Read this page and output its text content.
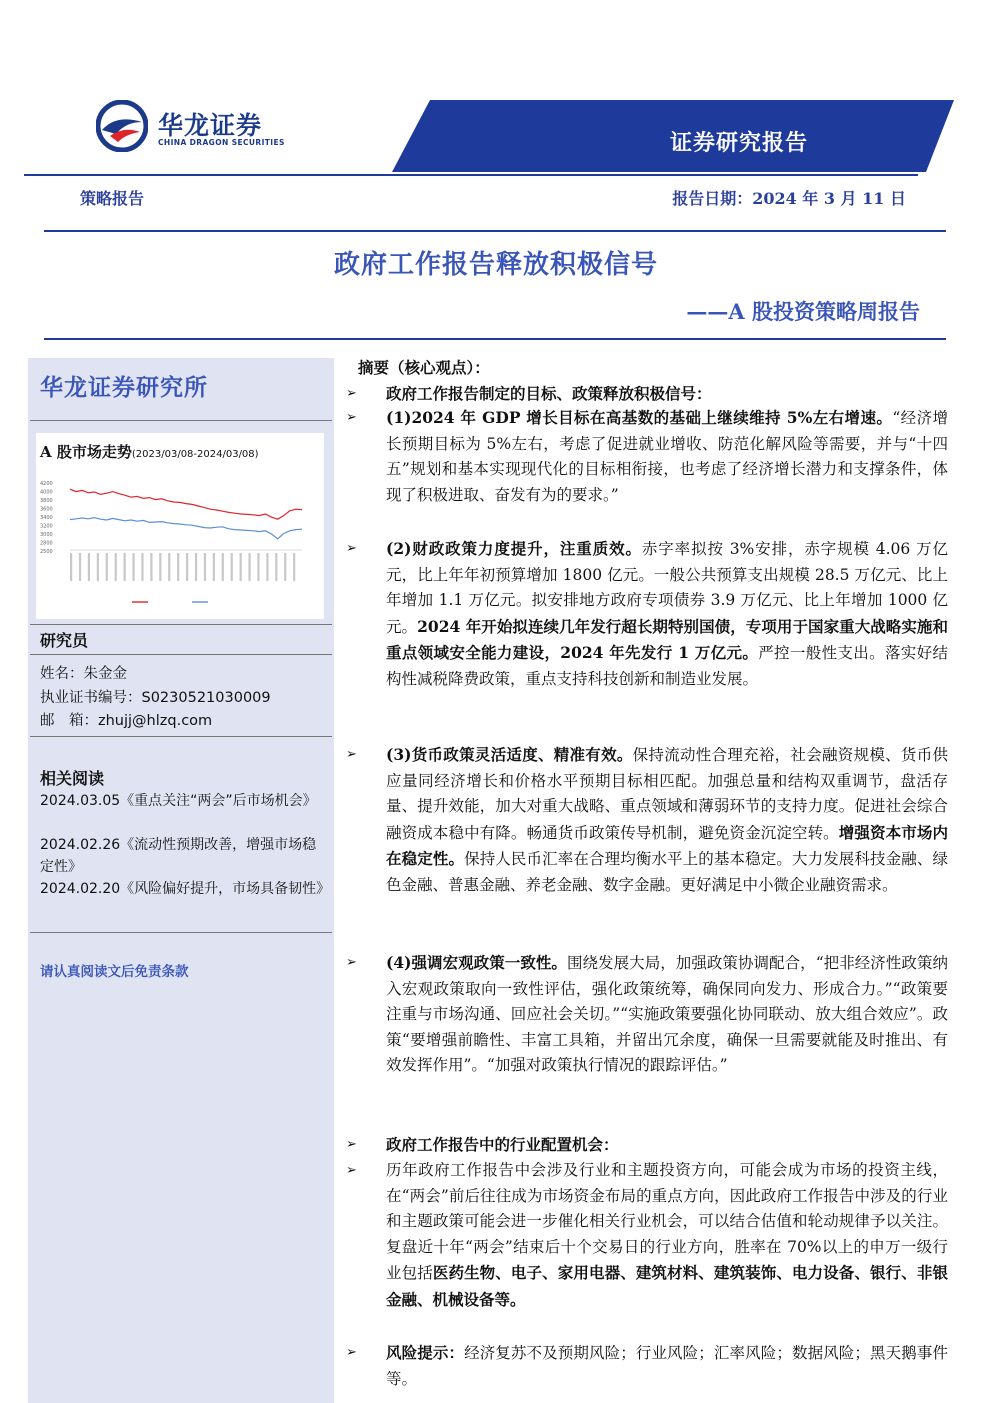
华龙证券
CHINA DRAGON SECURITIES	证券研究报告
策略报告	报告日期：2024 年 3 月 11 日
政府工作报告释放积极信号
——A 股投资策略周报告
华龙证券研究所
A 股市场走势(2023/03/08-2024/03/08)
4200
4000
3800
3600
3400
3200
3000
2800
2500
研究员
姓名：朱金金
执业证书编号：S0230521030009
邮　箱：zhujj@hlzq.com
相关阅读
2024.03.05《重点关注“两会”后市场机会》
2024.02.26《流动性预期改善，增强市场稳定性》
2024.02.20《风险偏好提升，市场具备韧性》
请认真阅读文后免责条款
摘要（核心观点）：
➢	政府工作报告制定的目标、政策释放积极信号：
➢	(1)2024 年 GDP 增长目标在高基数的基础上继续维持 5%左右增速。“经济增长预期目标为 5%左右，考虑了促进就业增收、防范化解风险等需要，并与“十四五”规划和基本实现现代化的目标相衔接，也考虑了经济增长潜力和支撑条件，体现了积极进取、奋发有为的要求。”
➢	(2)财政政策力度提升，注重质效。赤字率拟按 3%安排，赤字规模 4.06 万亿元，比上年年初预算增加 1800 亿元。一般公共预算支出规模 28.5 万亿元、比上年增加 1.1 万亿元。拟安排地方政府专项债券 3.9 万亿元、比上年增加 1000 亿元。2024 年开始拟连续几年发行超长期特别国债，专项用于国家重大战略实施和重点领域安全能力建设，2024 年先发行 1 万亿元。严控一般性支出。落实好结构性减税降费政策，重点支持科技创新和制造业发展。
➢	(3)货币政策灵活适度、精准有效。保持流动性合理充裕，社会融资规模、货币供应量同经济增长和价格水平预期目标相匹配。加强总量和结构双重调节，盘活存量、提升效能，加大对重大战略、重点领域和薄弱环节的支持力度。促进社会综合融资成本稳中有降。畅通货币政策传导机制，避免资金沉淀空转。增强资本市场内在稳定性。保持人民币汇率在合理均衡水平上的基本稳定。大力发展科技金融、绿色金融、普惠金融、养老金融、数字金融。更好满足中小微企业融资需求。
➢	(4)强调宏观政策一致性。围绕发展大局，加强政策协调配合，“把非经济性政策纳入宏观政策取向一致性评估，强化政策统筹，确保同向发力、形成合力。”“政策要注重与市场沟通、回应社会关切。”“实施政策要强化协同联动、放大组合效应”。政策“要增强前瞻性、丰富工具箱，并留出冗余度，确保一旦需要就能及时推出、有效发挥作用”。“加强对政策执行情况的跟踪评估。”
➢	政府工作报告中的行业配置机会：
➢	历年政府工作报告中会涉及行业和主题投资方向，可能会成为市场的投资主线，在“两会”前后往往成为市场资金布局的重点方向，因此政府工作报告中涉及的行业和主题政策可能会进一步催化相关行业机会，可以结合估值和轮动规律予以关注。复盘近十年“两会”结束后十个交易日的行业方向，胜率在 70%以上的申万一级行业包括医药生物、电子、家用电器、建筑材料、建筑装饰、电力设备、银行、非银金融、机械设备等。
➢	风险提示：经济复苏不及预期风险；行业风险；汇率风险；数据风险；黑天鹅事件等。
